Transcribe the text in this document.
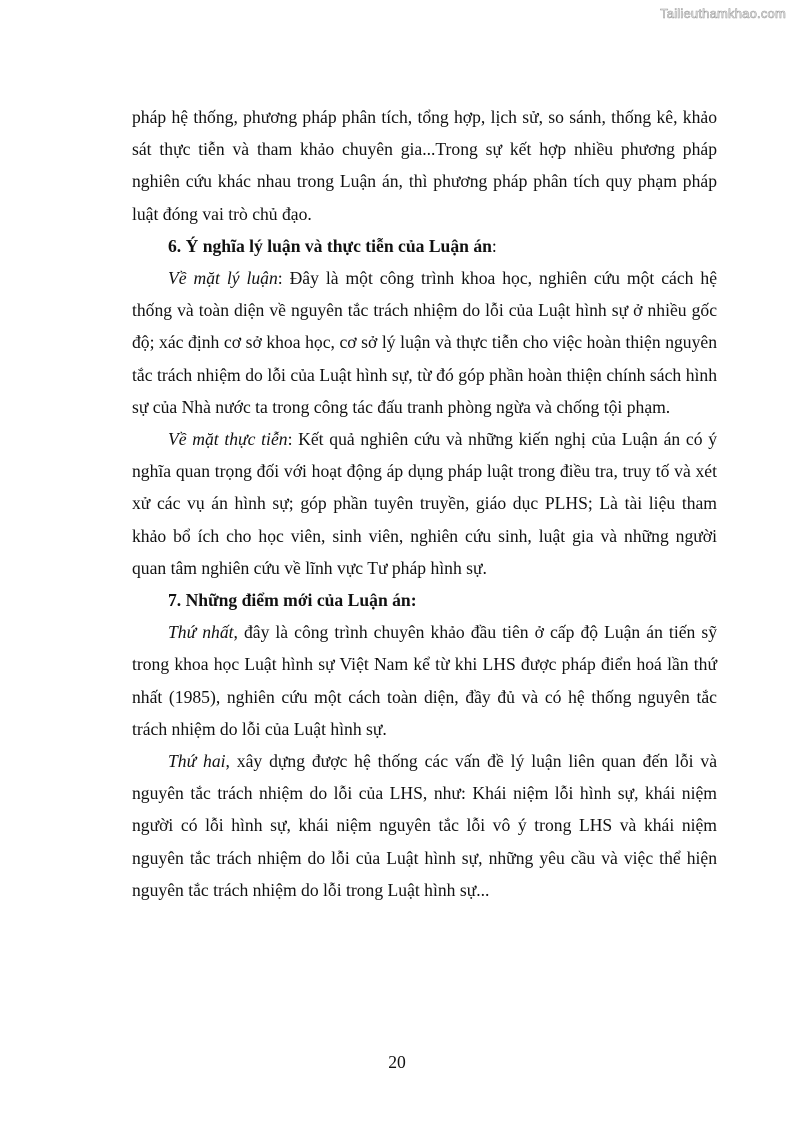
Tailieuthamkhao.com

pháp hệ thống, phương pháp phân tích, tổng hợp, lịch sử, so sánh, thống kê, khảo sát thực tiễn và tham khảo chuyên gia...Trong sự kết hợp nhiều phương pháp nghiên cứu khác nhau trong Luận án, thì phương pháp phân tích quy phạm pháp luật đóng vai trò chủ đạo.

6. Ý nghĩa lý luận và thực tiễn của Luận án:

Về mặt lý luận: Đây là một công trình khoa học, nghiên cứu một cách hệ thống và toàn diện về nguyên tắc trách nhiệm do lỗi của Luật hình sự ở nhiều gốc độ; xác định cơ sở khoa học, cơ sở lý luận và thực tiễn cho việc hoàn thiện nguyên tắc trách nhiệm do lỗi của Luật hình sự, từ đó góp phần hoàn thiện chính sách hình sự của Nhà nước ta trong công tác đấu tranh phòng ngừa và chống tội phạm.

Về mặt thực tiễn: Kết quả nghiên cứu và những kiến nghị của Luận án có ý nghĩa quan trọng đối với hoạt động áp dụng pháp luật trong điều tra, truy tố và xét xử các vụ án hình sự; góp phần tuyên truyền, giáo dục PLHS; Là tài liệu tham khảo bổ ích cho học viên, sinh viên, nghiên cứu sinh, luật gia và những người quan tâm nghiên cứu về lĩnh vực Tư pháp hình sự.

7. Những điểm mới của Luận án:

Thứ nhất, đây là công trình chuyên khảo đầu tiên ở cấp độ Luận án tiến sỹ trong khoa học Luật hình sự Việt Nam kể từ khi LHS được pháp điển hoá lần thứ nhất (1985), nghiên cứu một cách toàn diện, đầy đủ và có hệ thống nguyên tắc trách nhiệm do lỗi của Luật hình sự.

Thứ hai, xây dựng được hệ thống các vấn đề lý luận liên quan đến lỗi và nguyên tắc trách nhiệm do lỗi của LHS, như: Khái niệm lỗi hình sự, khái niệm người có lỗi hình sự, khái niệm nguyên tắc lỗi vô ý trong LHS và khái niệm nguyên tắc trách nhiệm do lỗi của Luật hình sự, những yêu cầu và việc thể hiện nguyên tắc trách nhiệm do lỗi trong Luật hình sự...

20
